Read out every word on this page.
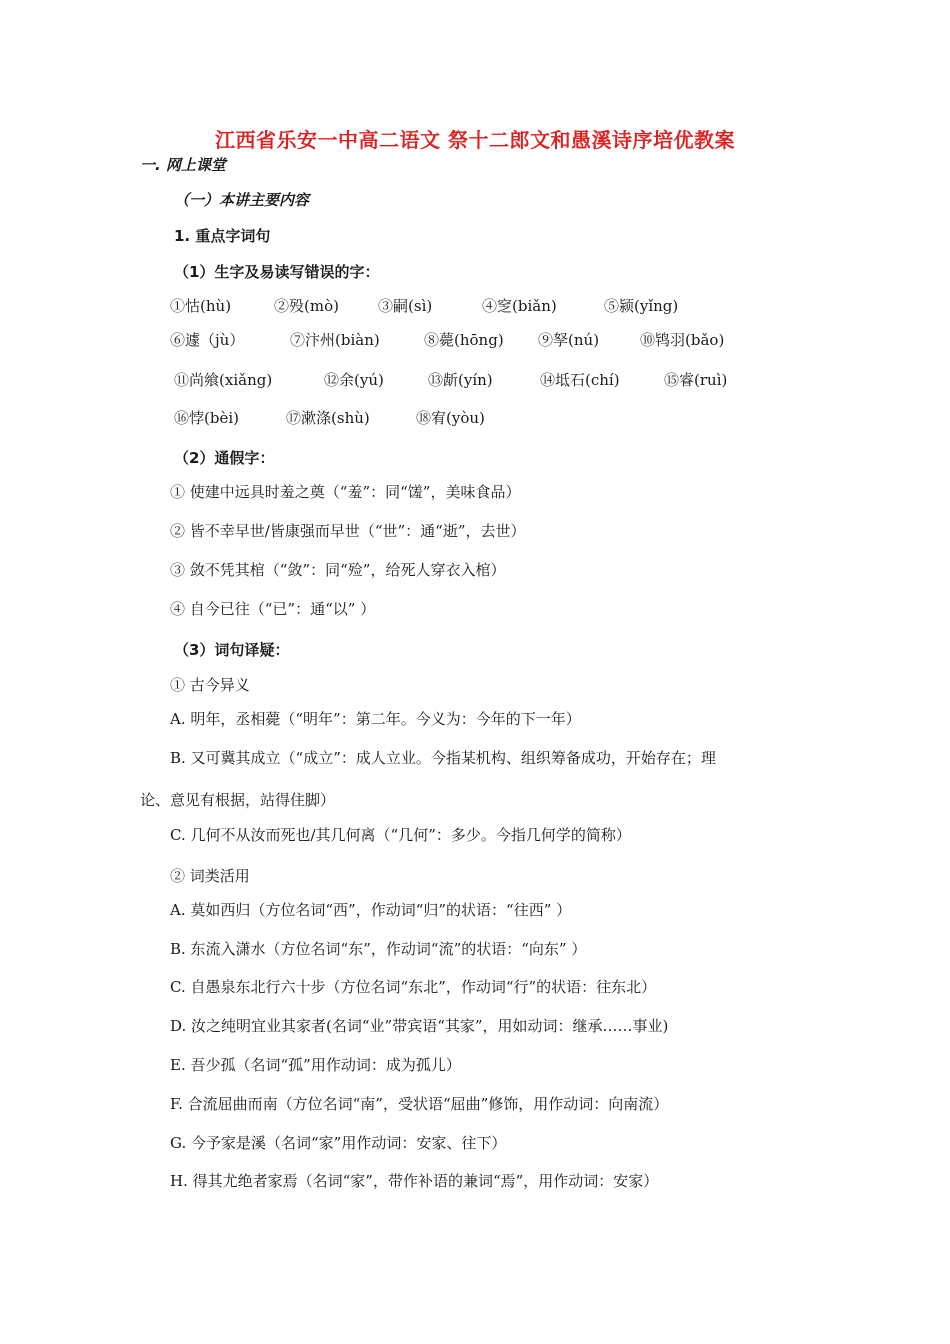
江西省乐安一中高二语文 祭十二郎文和愚溪诗序培优教案
一. 网上课堂
（一）本讲主要内容
1. 重点字词句
（1）生字及易读写错误的字：
①怙(hù)	②殁(mò)	③嗣(sì)	④窆(biǎn)	⑤颍(yǐng)
⑥遽（jù）	⑦汴州(biàn)	⑧薨(hōng) ⑨孥(nú)	⑩鸨羽(bǎo)
⑪尚飨(xiǎng)	⑫余(yú)	⑬龂(yín)	⑭坻石(chí)	⑮睿(ruì)
⑯悖(bèi)	⑰漱涤(shù)	⑱宥(yòu)
（2）通假字：
① 使建中远具时羞之奠（“羞”：同“馐”，美味食品）
② 皆不幸早世/皆康强而早世（“世”：通“逝”，去世）
③ 敛不凭其棺（“敛”：同“殓”，给死人穿衣入棺）
④ 自今已往（“已”：通“以” ）
（3）词句译疑：
① 古今异义
A. 明年，丞相薨（“明年”：第二年。今义为：今年的下一年）
B. 又可冀其成立（“成立”：成人立业。今指某机构、组织筹备成功，开始存在；理
论、意见有根据，站得住脚）
C. 几何不从汝而死也/其几何离（“几何”：多少。今指几何学的简称）
② 词类活用
A. 莫如西归（方位名词“西”，作动词“归”的状语：“往西” ）
B. 东流入潇水（方位名词“东”，作动词“流”的状语：“向东” ）
C. 自愚泉东北行六十步（方位名词“东北”，作动词“行”的状语：往东北）
D. 汝之纯明宜业其家者(名词“业”带宾语“其家”，用如动词：继承……事业)
E. 吾少孤（名词“孤”用作动词：成为孤儿）
F. 合流屈曲而南（方位名词“南”，受状语“屈曲”修饰，用作动词：向南流）
G. 今予家是溪（名词“家”用作动词：安家、往下）
H. 得其尤绝者家焉（名词“家”，带作补语的兼词“焉”，用作动词：安家）
